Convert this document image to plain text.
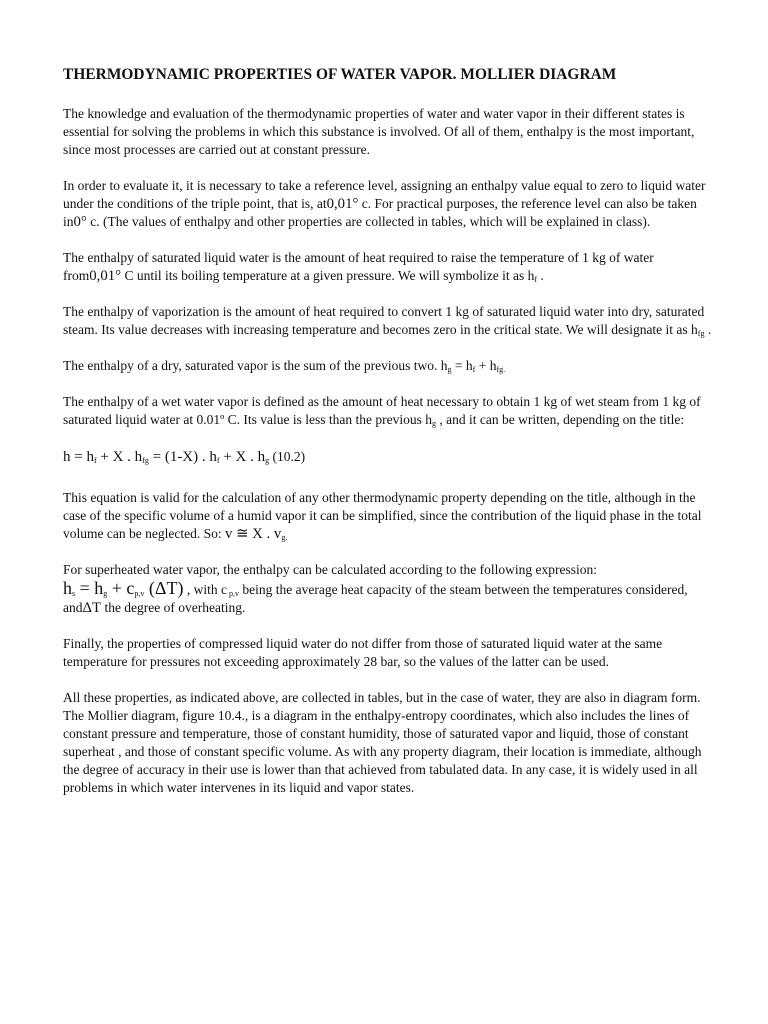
THERMODYNAMIC PROPERTIES OF WATER VAPOR. MOLLIER DIAGRAM

The knowledge and evaluation of the thermodynamic properties of water and water vapor in their different states is essential for solving the problems in which this substance is involved. Of all of them, enthalpy is the most important, since most processes are carried out at constant pressure.

In order to evaluate it, it is necessary to take a reference level, assigning an enthalpy value equal to zero to liquid water under the conditions of the triple point, that is, at0,01° c. For practical purposes, the reference level can also be taken in0° c. (The values of enthalpy and other properties are collected in tables, which will be explained in class).

The enthalpy of saturated liquid water is the amount of heat required to raise the temperature of 1 kg of water from0,01° C until its boiling temperature at a given pressure. We will symbolize it as $h_f$ .

The enthalpy of vaporization is the amount of heat required to convert 1 kg of saturated liquid water into dry, saturated steam. Its value decreases with increasing temperature and becomes zero in the critical state. We will designate it as $h_{fg}$ .

The enthalpy of a dry, saturated vapor is the sum of the previous two. $h_g = h_f + h_{fg.}$

The enthalpy of a wet water vapor is defined as the amount of heat necessary to obtain 1 kg of wet steam from 1 kg of saturated liquid water at 0.01º C. Its value is less than the previous $h_g$ , and it can be written, depending on the title:

$h = h_f + X$ . $h_{fg} = (1-X)$ . $h_f + X$ . $h_g$ (10.2)

This equation is valid for the calculation of any other thermodynamic property depending on the title, although in the case of the specific volume of a humid vapor it can be simplified, since the contribution of the liquid phase in the total volume can be neglected. So: v ≅ X . $v_{g.}$

For superheated water vapor, the enthalpy can be calculated according to the following expression:
$h_s = h_g + c_{p,v}$ (ΔT) , with c $_{p,v}$ being the average heat capacity of the steam between the temperatures considered, andΔT the degree of overheating.

Finally, the properties of compressed liquid water do not differ from those of saturated liquid water at the same temperature for pressures not exceeding approximately 28 bar, so the values of the latter can be used.

All these properties, as indicated above, are collected in tables, but in the case of water, they are also in diagram form. The Mollier diagram, figure 10.4., is a diagram in the enthalpy-entropy coordinates, which also includes the lines of constant pressure and temperature, those of constant humidity, those of saturated vapor and liquid, those of constant superheat , and those of constant specific volume. As with any property diagram, their location is immediate, although the degree of accuracy in their use is lower than that achieved from tabulated data. In any case, it is widely used in all problems in which water intervenes in its liquid and vapor states.
